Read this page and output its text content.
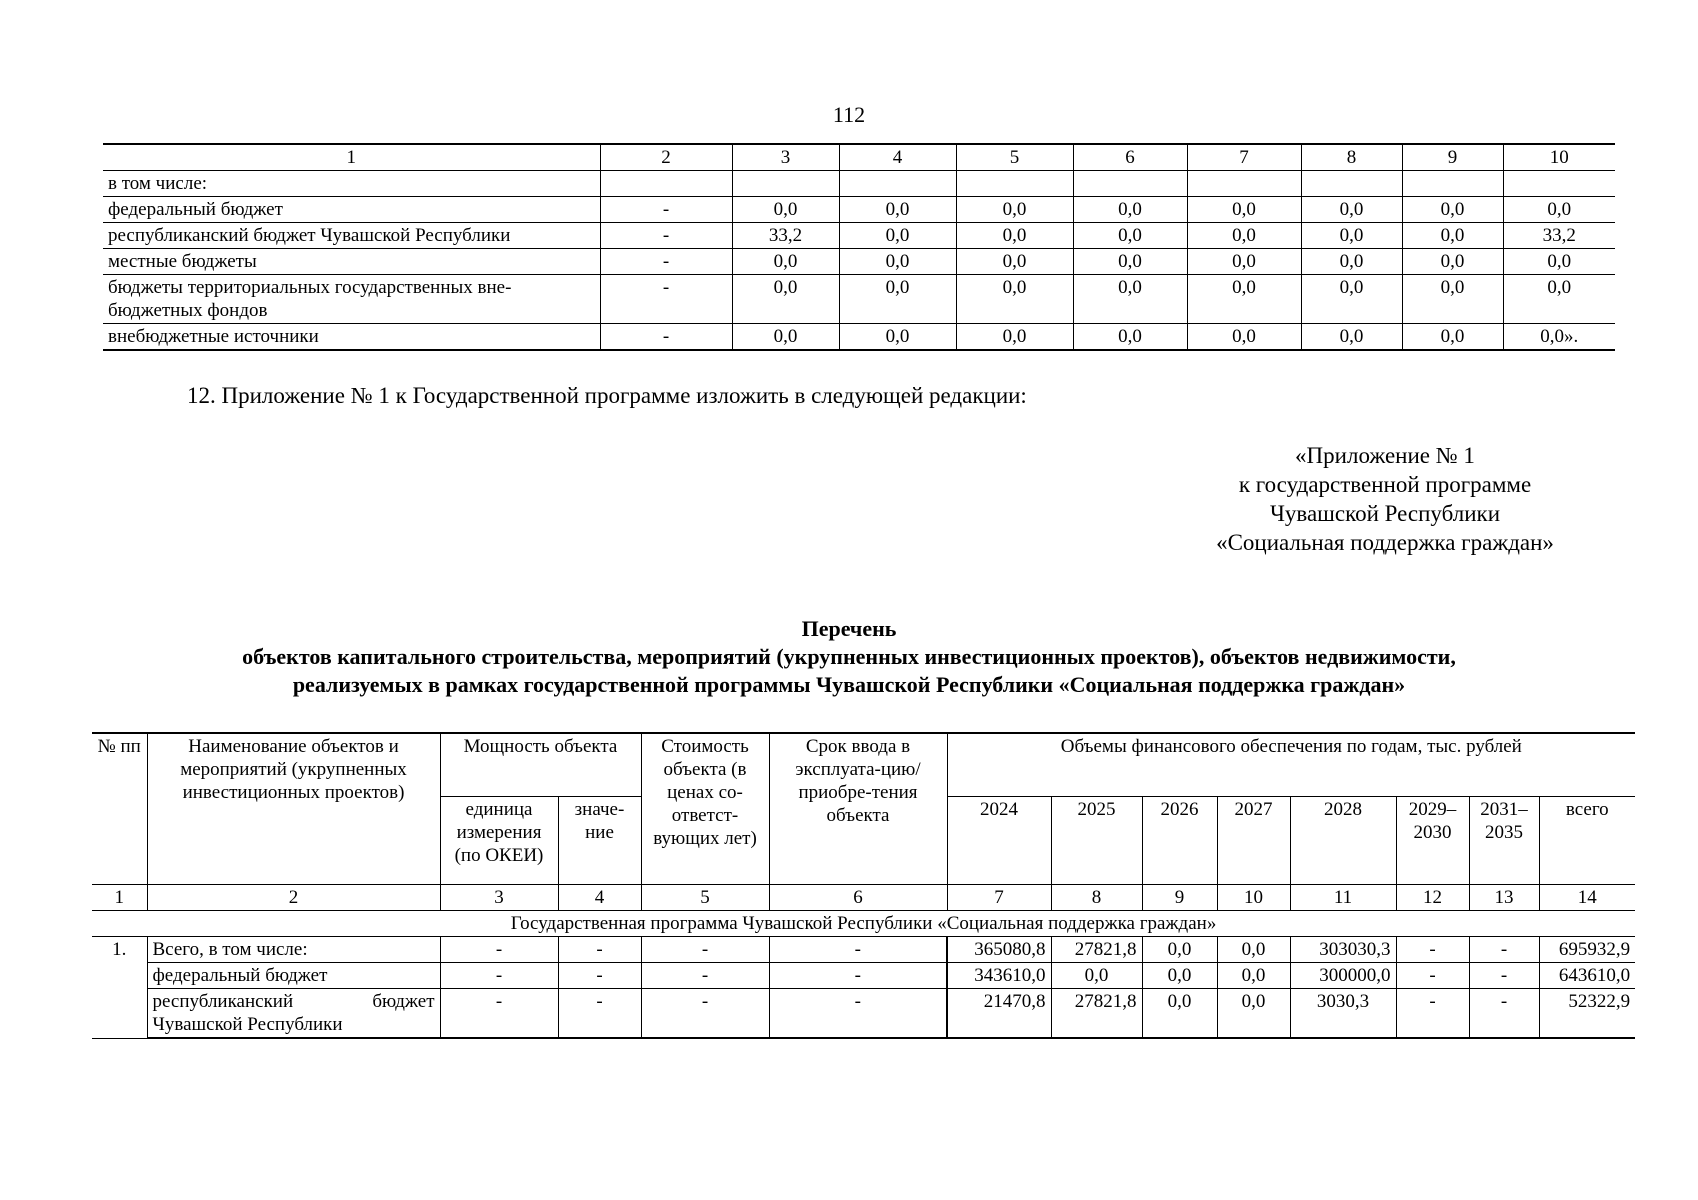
112
1	2	3	4	5	6	7	8	9	10
в том числе:									
федеральный бюджет	-	0,0	0,0	0,0	0,0	0,0	0,0	0,0	0,0
республиканский бюджет Чувашской Республики	-	33,2	0,0	0,0	0,0	0,0	0,0	0,0	33,2
местные бюджеты	-	0,0	0,0	0,0	0,0	0,0	0,0	0,0	0,0
бюджеты территориальных государственных вне-
бюджетных фондов	-	0,0	0,0	0,0	0,0	0,0	0,0	0,0	0,0
внебюджетные источники	-	0,0	0,0	0,0	0,0	0,0	0,0	0,0	0,0».
12. Приложение № 1 к Государственной программе изложить в следующей редакции:
«Приложение № 1
к государственной программе
Чувашской Республики
«Социальная поддержка граждан»
Перечень
объектов капитального строительства, мероприятий (укрупненных инвестиционных проектов), объектов недвижимости,
реализуемых в рамках государственной программы Чувашской Республики «Социальная поддержка граждан»
№ пп	Наименование объектов и мероприятий (укрупненных инвестиционных проектов)	Мощность объекта		Стоимость объекта (в ценах со-ответст-вующих лет)	Срок ввода в эксплуата-цию/приобре-тения объекта	Объемы финансового обеспечения по годам, тыс. рублей							
		единица измерения (по ОКЕИ)	значе-ние			2024	2025	2026	2027	2028	2029–2030	2031–2035	всего

1	2	3	4	5	6	7	8	9	10	11	12	13	14
Государственная программа Чувашской Республики «Социальная поддержка граждан»													
1.	Всего, в том числе:	-	-	-	-	365080,8	27821,8	0,0	0,0	303030,3	-	-	695932,9
	федеральный бюджет	-	-	-	-	343610,0	0,0	0,0	0,0	300000,0	-	-	643610,0
	республиканский бюджет Чувашской Республики	-	-	-	-	21470,8	27821,8	0,0	0,0	3030,3	-	-	52322,9
